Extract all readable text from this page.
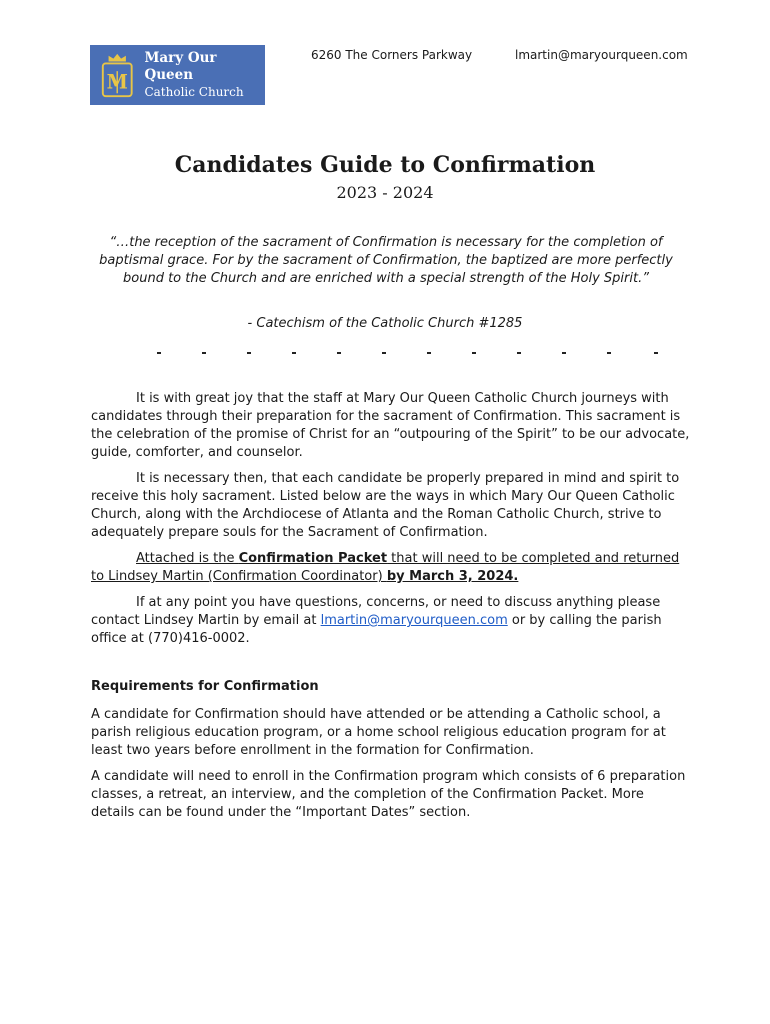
M
Mary Our Queen
Catholic Church
6260 The Corners Parkway	lmartin@maryourqueen.com
Candidates Guide to Confirmation
2023 - 2024

“…the reception of the sacrament of Confirmation is necessary for the completion of baptismal grace. For by the sacrament of Confirmation, the baptized are more perfectly bound to the Church and are enriched with a special strength of the Holy Spirit.”

- Catechism of the Catholic Church #1285

It is with great joy that the staff at Mary Our Queen Catholic Church journeys with candidates through their preparation for the sacrament of Confirmation. This sacrament is the celebration of the promise of Christ for an “outpouring of the Spirit” to be our advocate, guide, comforter, and counselor.

It is necessary then, that each candidate be properly prepared in mind and spirit to receive this holy sacrament. Listed below are the ways in which Mary Our Queen Catholic Church, along with the Archdiocese of Atlanta and the Roman Catholic Church, strive to adequately prepare souls for the Sacrament of Confirmation.

Attached is the Confirmation Packet that will need to be completed and returned to Lindsey Martin (Confirmation Coordinator) by March 3, 2024.

If at any point you have questions, concerns, or need to discuss anything please contact Lindsey Martin by email at lmartin@maryourqueen.com or by calling the parish office at (770)416-0002.

Requirements for Confirmation

A candidate for Confirmation should have attended or be attending a Catholic school, a parish religious education program, or a home school religious education program for at least two years before enrollment in the formation for Confirmation.

A candidate will need to enroll in the Confirmation program which consists of 6 preparation classes, a retreat, an interview, and the completion of the Confirmation Packet. More details can be found under the “Important Dates” section.
